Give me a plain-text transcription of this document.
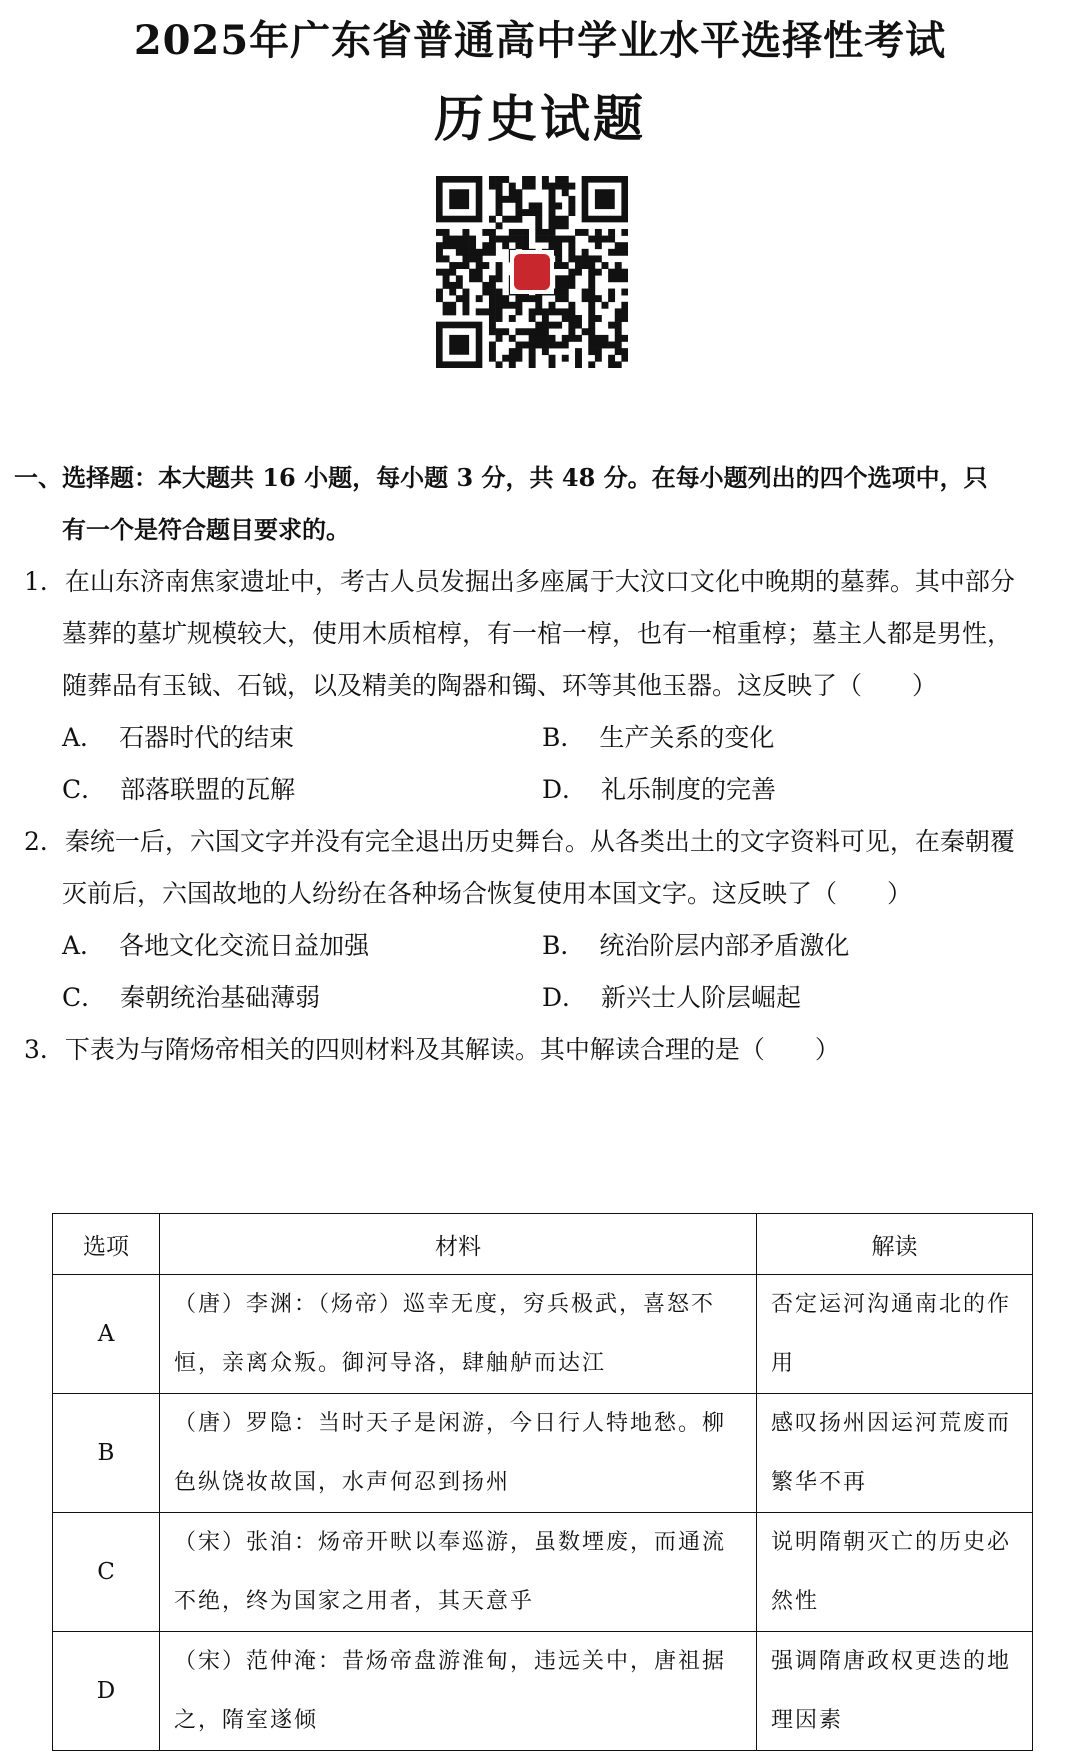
2025年广东省普通高中学业水平选择性考试
历史试题
一、选择题：本大题共 16 小题，每小题 3 分，共 48 分。在每小题列出的四个选项中，只
有一个是符合题目要求的。
1．在山东济南焦家遗址中，考古人员发掘出多座属于大汶口文化中晚期的墓葬。其中部分
墓葬的墓圹规模较大，使用木质棺椁，有一棺一椁，也有一棺重椁；墓主人都是男性，
随葬品有玉钺、石钺，以及精美的陶器和镯、环等其他玉器。这反映了（　　）
A． 石器时代的结束	B． 生产关系的变化
C． 部落联盟的瓦解	D． 礼乐制度的完善
2．秦统一后，六国文字并没有完全退出历史舞台。从各类出土的文字资料可见，在秦朝覆
灭前后，六国故地的人纷纷在各种场合恢复使用本国文字。这反映了（　　）
A． 各地文化交流日益加强	B． 统治阶层内部矛盾激化
C． 秦朝统治基础薄弱	D． 新兴士人阶层崛起
3．下表为与隋炀帝相关的四则材料及其解读。其中解读合理的是（　　）
选项	材料	解读
A	（唐）李渊：（炀帝）巡幸无度，穷兵极武，喜怒不恒，亲离众叛。御河导洛，肆舳舻而达江	否定运河沟通南北的作用
B	（唐）罗隐：当时天子是闲游，今日行人特地愁。柳色纵饶妆故国，水声何忍到扬州	感叹扬州因运河荒废而繁华不再
C	（宋）张洎：炀帝开畎以奉巡游，虽数堙废，而通流不绝，终为国家之用者，其天意乎	说明隋朝灭亡的历史必然性
D	（宋）范仲淹：昔炀帝盘游淮甸，违远关中，唐祖据之，隋室遂倾	强调隋唐政权更迭的地理因素
